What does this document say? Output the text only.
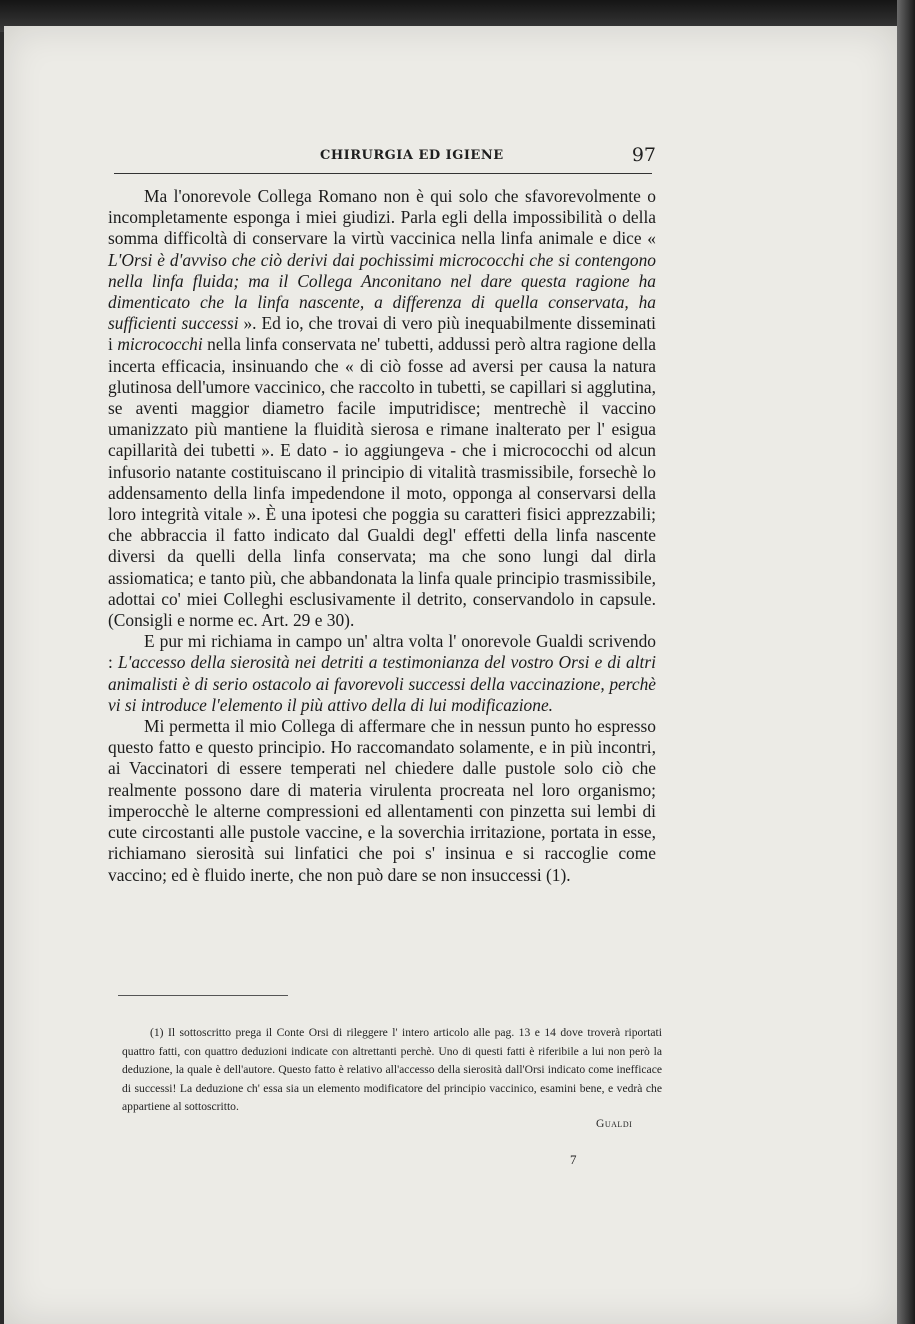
CHIRURGIA ED IGIENE	97

Ma l'onorevole Collega Romano non è qui solo che sfavorevolmente o incompletamente esponga i miei giudizi. Parla egli della impossibilità o della somma difficoltà di conservare la virtù vaccinica nella linfa animale e dice « L'Orsi è d'avviso che ciò derivi dai pochissimi micrococchi che si contengono nella linfa fluida; ma il Collega Anconitano nel dare questa ragione ha dimenticato che la linfa nascente, a differenza di quella conservata, ha sufficienti successi ». Ed io, che trovai di vero più inequabilmente disseminati i micrococchi nella linfa conservata ne' tubetti, addussi però altra ragione della incerta efficacia, insinuando che « di ciò fosse ad aversi per causa la natura glutinosa dell'umore vaccinico, che raccolto in tubetti, se capillari si agglutina, se aventi maggior diametro facile imputridisce; mentrechè il vaccino umanizzato più mantiene la fluidità sierosa e rimane inalterato per l' esigua capillarità dei tubetti ». E dato - io aggiungeva - che i micrococchi od alcun infusorio natante costituiscano il principio di vitalità trasmissibile, forsechè lo addensamento della linfa impedendone il moto, opponga al conservarsi della loro integrità vitale ». È una ipotesi che poggia su caratteri fisici apprezzabili; che abbraccia il fatto indicato dal Gualdi degl' effetti della linfa nascente diversi da quelli della linfa conservata; ma che sono lungi dal dirla assiomatica; e tanto più, che abbandonata la linfa quale principio trasmissibile, adottai co' miei Colleghi esclusivamente il detrito, conservandolo in capsule. (Consigli e norme ec. Art. 29 e 30).

E pur mi richiama in campo un' altra volta l' onorevole Gualdi scrivendo : L'accesso della sierosità nei detriti a testimonianza del vostro Orsi e di altri animalisti è di serio ostacolo ai favorevoli successi della vaccinazione, perchè vi si introduce l'elemento il più attivo della di lui modificazione.

Mi permetta il mio Collega di affermare che in nessun punto ho espresso questo fatto e questo principio. Ho raccomandato solamente, e in più incontri, ai Vaccinatori di essere temperati nel chiedere dalle pustole solo ciò che realmente possono dare di materia virulenta procreata nel loro organismo; imperocchè le alterne compressioni ed allentamenti con pinzetta sui lembi di cute circostanti alle pustole vaccine, e la soverchia irritazione, portata in esse, richiamano sierosità sui linfatici che poi s' insinua e si raccoglie come vaccino; ed è fluido inerte, che non può dare se non insuccessi (1).

(1) Il sottoscritto prega il Conte Orsi di rileggere l' intero articolo alle pag. 13 e 14 dove troverà riportati quattro fatti, con quattro deduzioni indicate con altrettanti perchè. Uno di questi fatti è riferibile a lui non però la deduzione, la quale è dell'autore. Questo fatto è relativo all'accesso della sierosità dall'Orsi indicato come inefficace di successi! La deduzione ch' essa sia un elemento modificatore del principio vaccinico, esamini bene, e vedrà che appartiene al sottoscritto.

Gualdi
7
